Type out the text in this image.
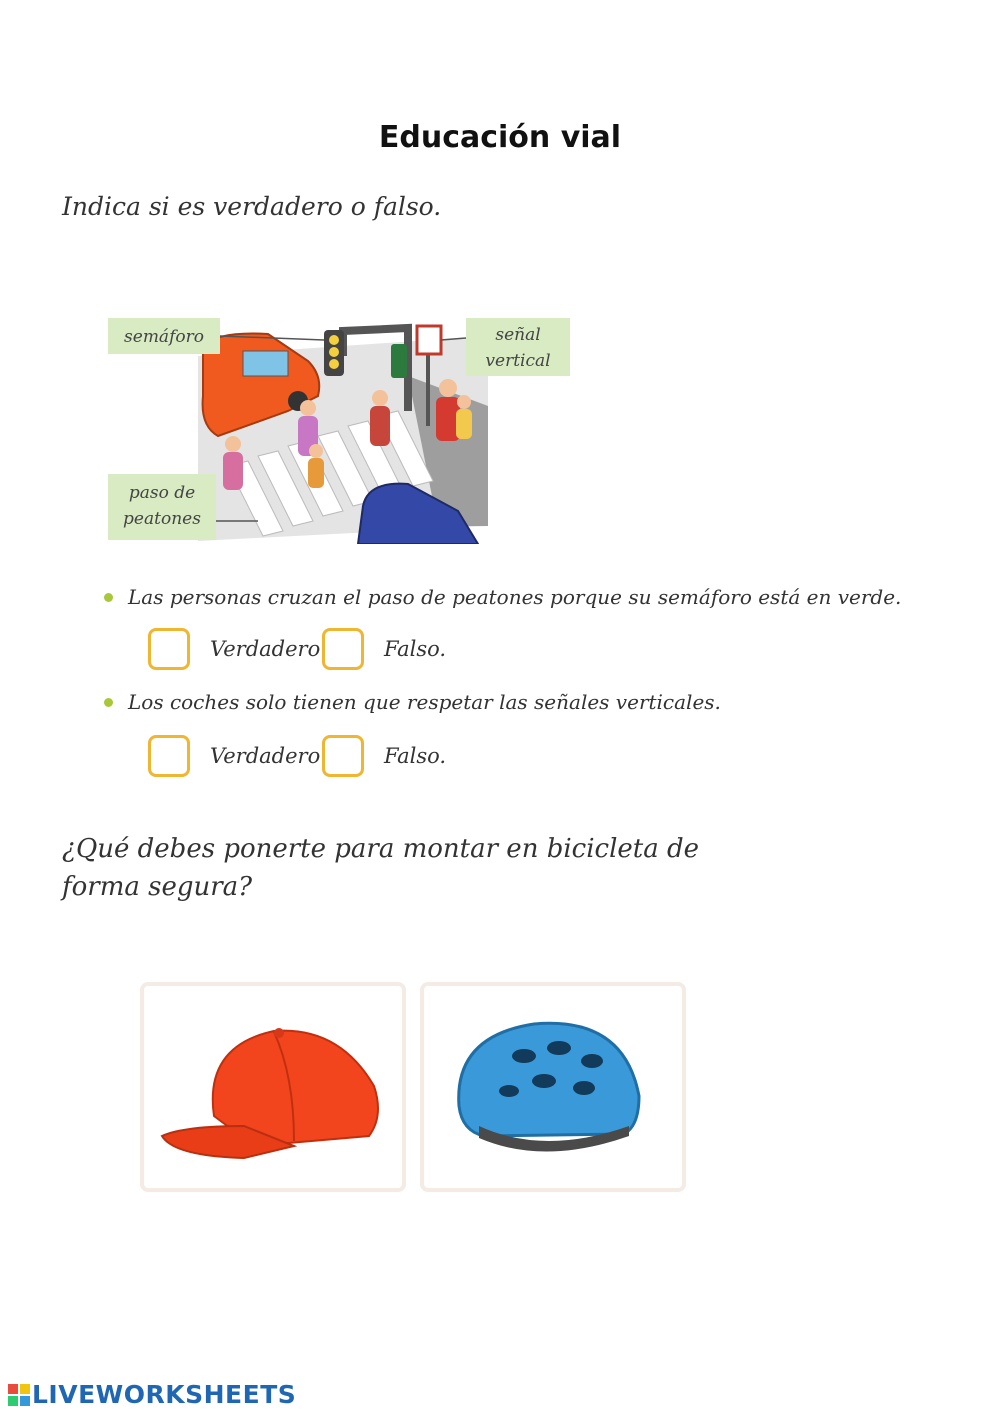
Educación vial
Indica si es verdadero o falso.
semáforo	señal
vertical
paso de
peatones
Las personas cruzan el paso de peatones porque su semáforo está en verde.
Verdadero	Falso.
Los coches solo tienen que respetar las señales verticales.
Verdadero	Falso.
¿Qué debes ponerte para montar en bicicleta de forma segura?
LIVEWORKSHEETS
